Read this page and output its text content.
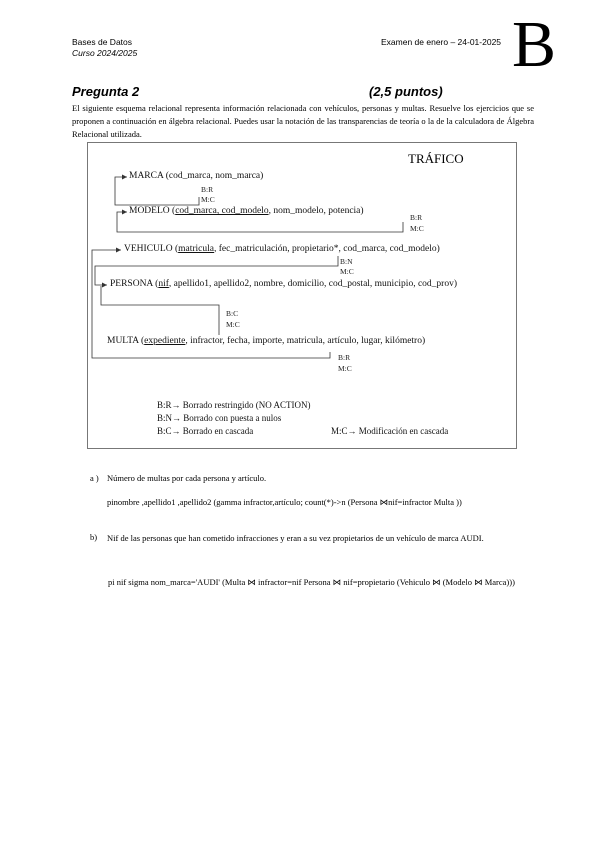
Bases de Datos
Curso 2024/2025
Examen de enero – 24-01-2025 B
Pregunta 2	(2,5 puntos)
El siguiente esquema relacional representa información relacionada con vehículos, personas y multas. Resuelve los ejercicios que se proponen a continuación en álgebra relacional. Puedes usar la notación de las transparencias de teoría o la de la calculadora de Álgebra Relacional utilizada.
TRÁFICO
MARCA (cod_marca, nom_marca)
B:R
M:C
MODELO (cod_marca, cod_modelo, nom_modelo, potencia)
B:R
M:C
VEHICULO (matricula, fec_matriculación, propietario*, cod_marca, cod_modelo)
B:N
M:C
PERSONA (nif, apellido1, apellido2, nombre, domicilio, cod_postal, municipio, cod_prov)
B:C
M:C
MULTA (expediente, infractor, fecha, importe, matricula, artículo, lugar, kilómetro)
B:R
M:C
B:R→ Borrado restringido (NO ACTION)
B:N→ Borrado con puesta a nulos
B:C→ Borrado en cascada	M:C→ Modificación en cascada
a ) Número de multas por cada persona y artículo.
pinombre ,apellido1 ,apellido2 (gamma infractor,artículo; count(*)->n (Persona ⋈nif=infractor Multa ))
b) Nif de las personas que han cometido infracciones y eran a su vez propietarios de un vehículo de marca AUDI.
pi nif sigma nom_marca='AUDI' (Multa ⋈ infractor=nif Persona ⋈ nif=propietario (Vehiculo ⋈ (Modelo ⋈ Marca)))
